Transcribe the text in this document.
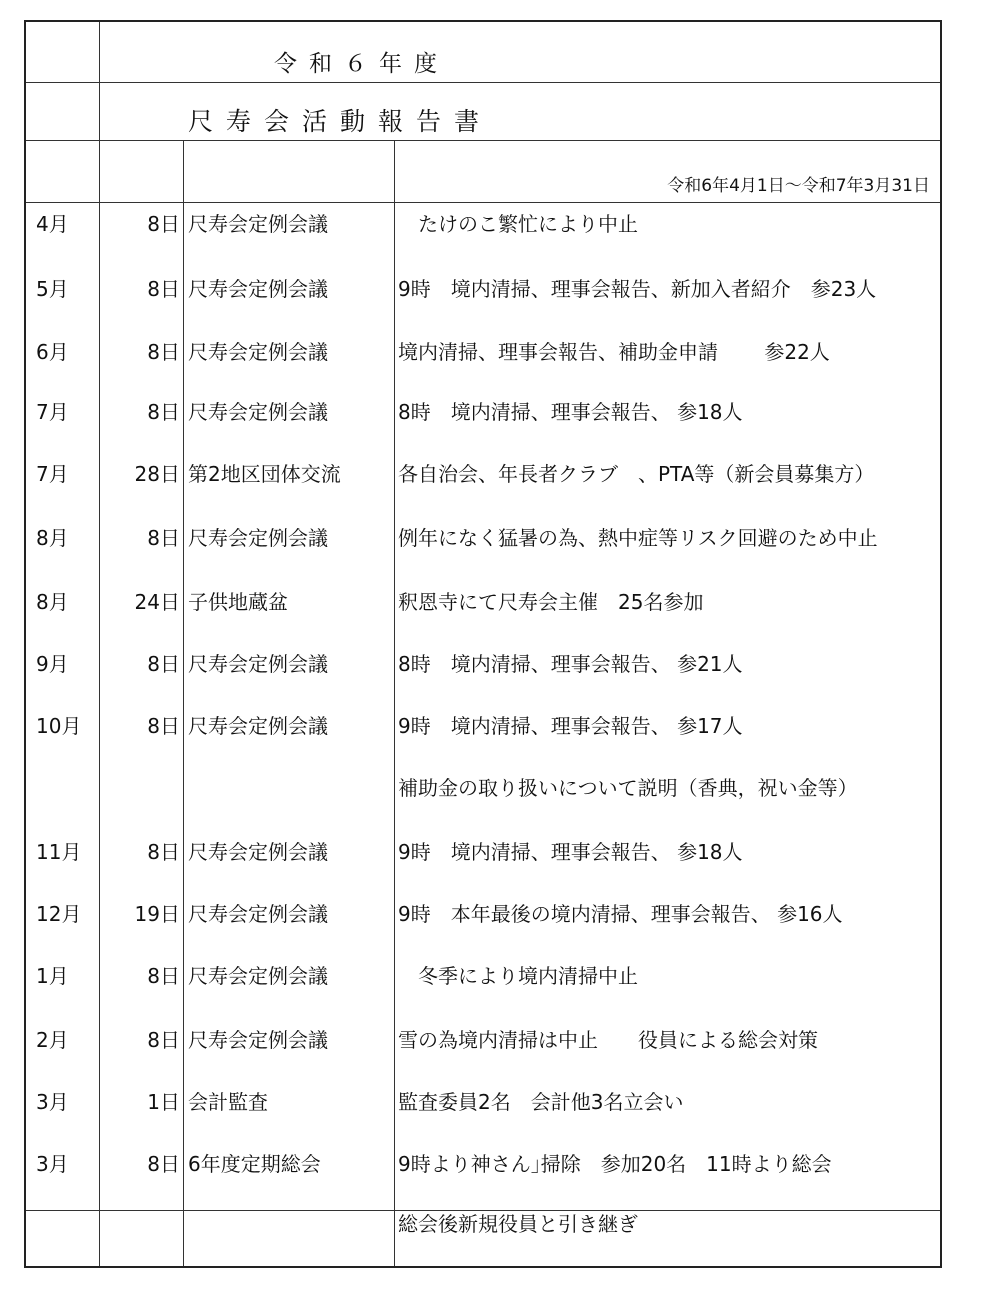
令和６年度
尺寿会活動報告書
令和6年4月1日～令和7年3月31日
4月	8日 尺寿会定例会議	　たけのこ繁忙により中止
5月	8日 尺寿会定例会議	9時　境内清掃、理事会報告、新加入者紹介　参23人
6月	8日 尺寿会定例会議	境内清掃、理事会報告、補助金申請　　 参22人
7月	8日 尺寿会定例会議	8時　境内清掃、理事会報告、 参18人
7月	28日 第2地区団体交流	各自治会、年長者クラブ　、PTA等（新会員募集方）
8月	8日 尺寿会定例会議	例年になく猛暑の為、熱中症等リスク回避のため中止
8月	24日 子供地蔵盆	釈恩寺にて尺寿会主催　25名参加
9月	8日 尺寿会定例会議	8時　境内清掃、理事会報告、 参21人
10月	8日 尺寿会定例会議	9時　境内清掃、理事会報告、 参17人
補助金の取り扱いについて説明（香典，祝い金等）
11月	8日 尺寿会定例会議	9時　境内清掃、理事会報告、 参18人
12月	19日 尺寿会定例会議	9時　本年最後の境内清掃、理事会報告、 参16人
1月	8日 尺寿会定例会議	　冬季により境内清掃中止
2月	8日 尺寿会定例会議	雪の為境内清掃は中止　　役員による総会対策
3月	1日 会計監査	監査委員2名　会計他3名立会い
3月	8日 6年度定期総会	9時より神さん｣掃除　参加20名　11時より総会
総会後新規役員と引き継ぎ
